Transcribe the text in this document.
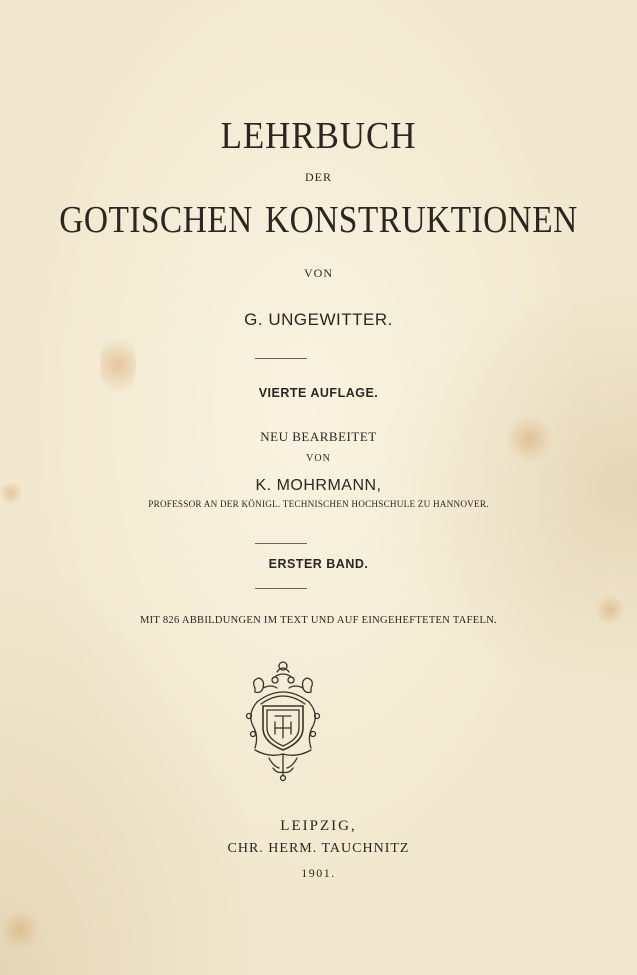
LEHRBUCH
DER
GOTISCHEN KONSTRUKTIONEN
VON
G. UNGEWITTER.
VIERTE AUFLAGE.
NEU BEARBEITET
VON
K. MOHRMANN,
PROFESSOR AN DER KÖNIGL. TECHNISCHEN HOCHSCHULE ZU HANNOVER.
ERSTER BAND.
MIT 826 ABBILDUNGEN IM TEXT UND AUF EINGEHEFTETEN TAFELN.
LEIPZIG,
CHR. HERM. TAUCHNITZ
1901.
